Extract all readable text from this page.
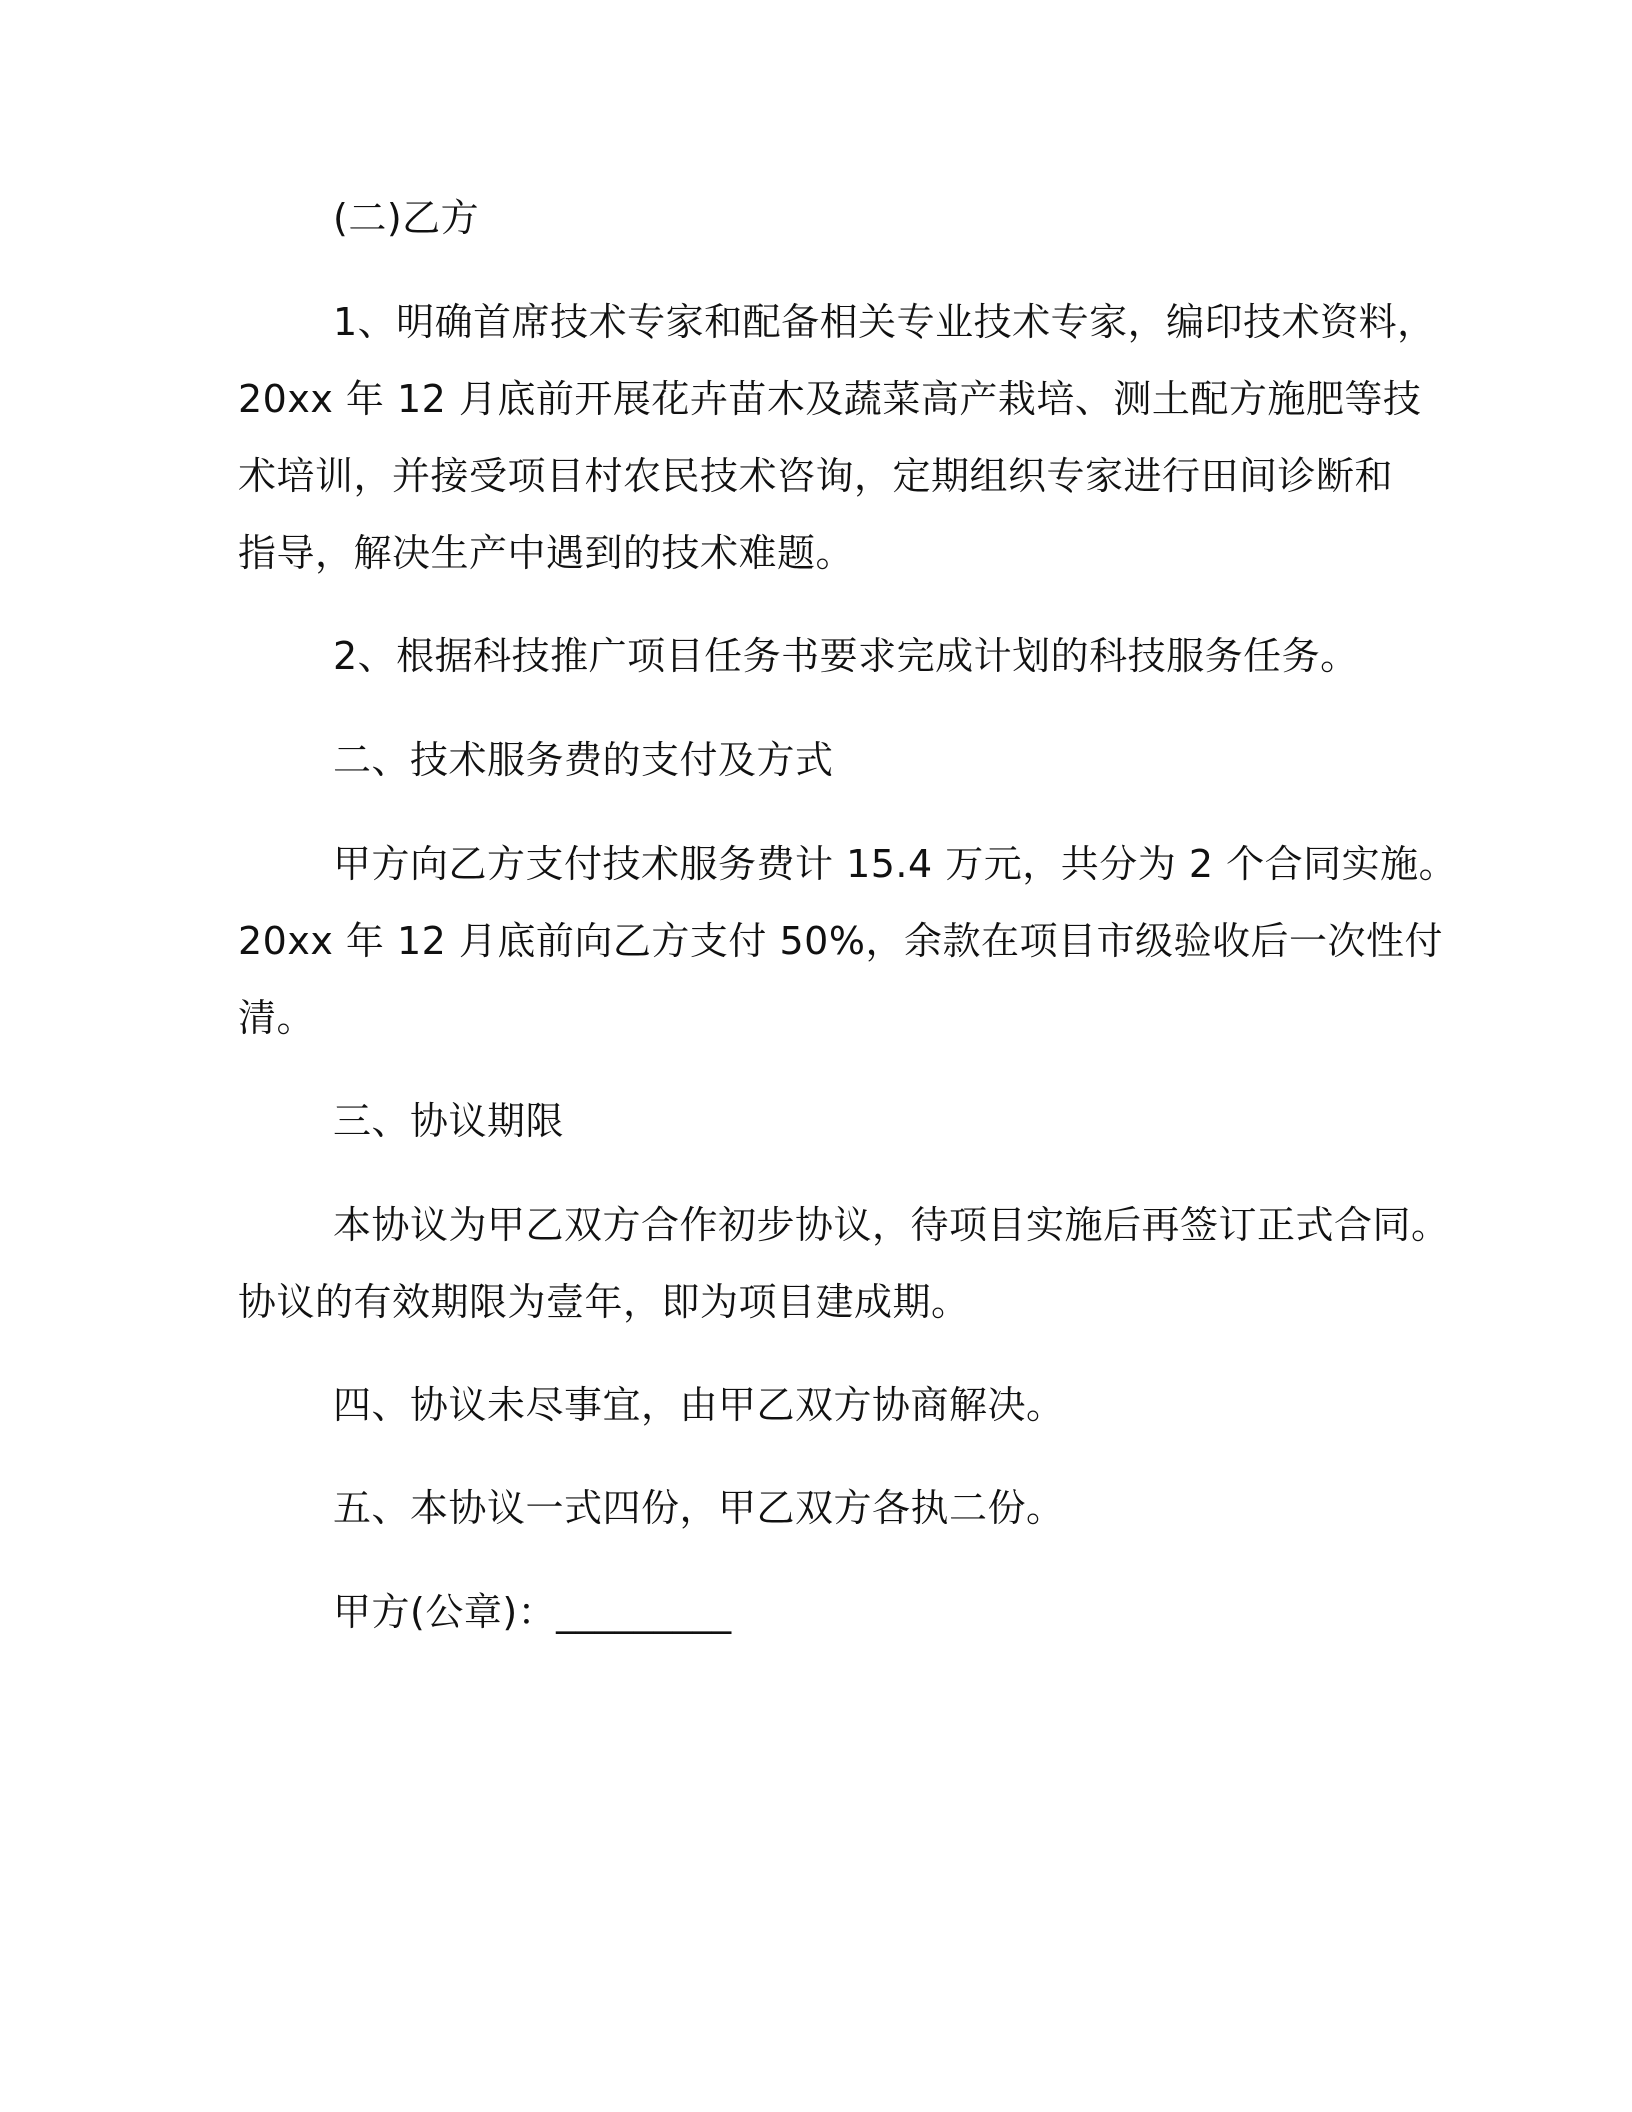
(二)乙方
1、明确首席技术专家和配备相关专业技术专家，编印技术资料，
20xx 年 12 月底前开展花卉苗木及蔬菜高产栽培、测土配方施肥等技
术培训，并接受项目村农民技术咨询，定期组织专家进行田间诊断和
指导，解决生产中遇到的技术难题。
2、根据科技推广项目任务书要求完成计划的科技服务任务。
二、技术服务费的支付及方式
甲方向乙方支付技术服务费计 15.4 万元，共分为 2 个合同实施。
20xx 年 12 月底前向乙方支付 50%，余款在项目市级验收后一次性付
清。
三、协议期限
本协议为甲乙双方合作初步协议，待项目实施后再签订正式合同。
协议的有效期限为壹年，即为项目建成期。
四、协议未尽事宜，由甲乙双方协商解决。
五、本协议一式四份，甲乙双方各执二份。
甲方(公章)：_________
